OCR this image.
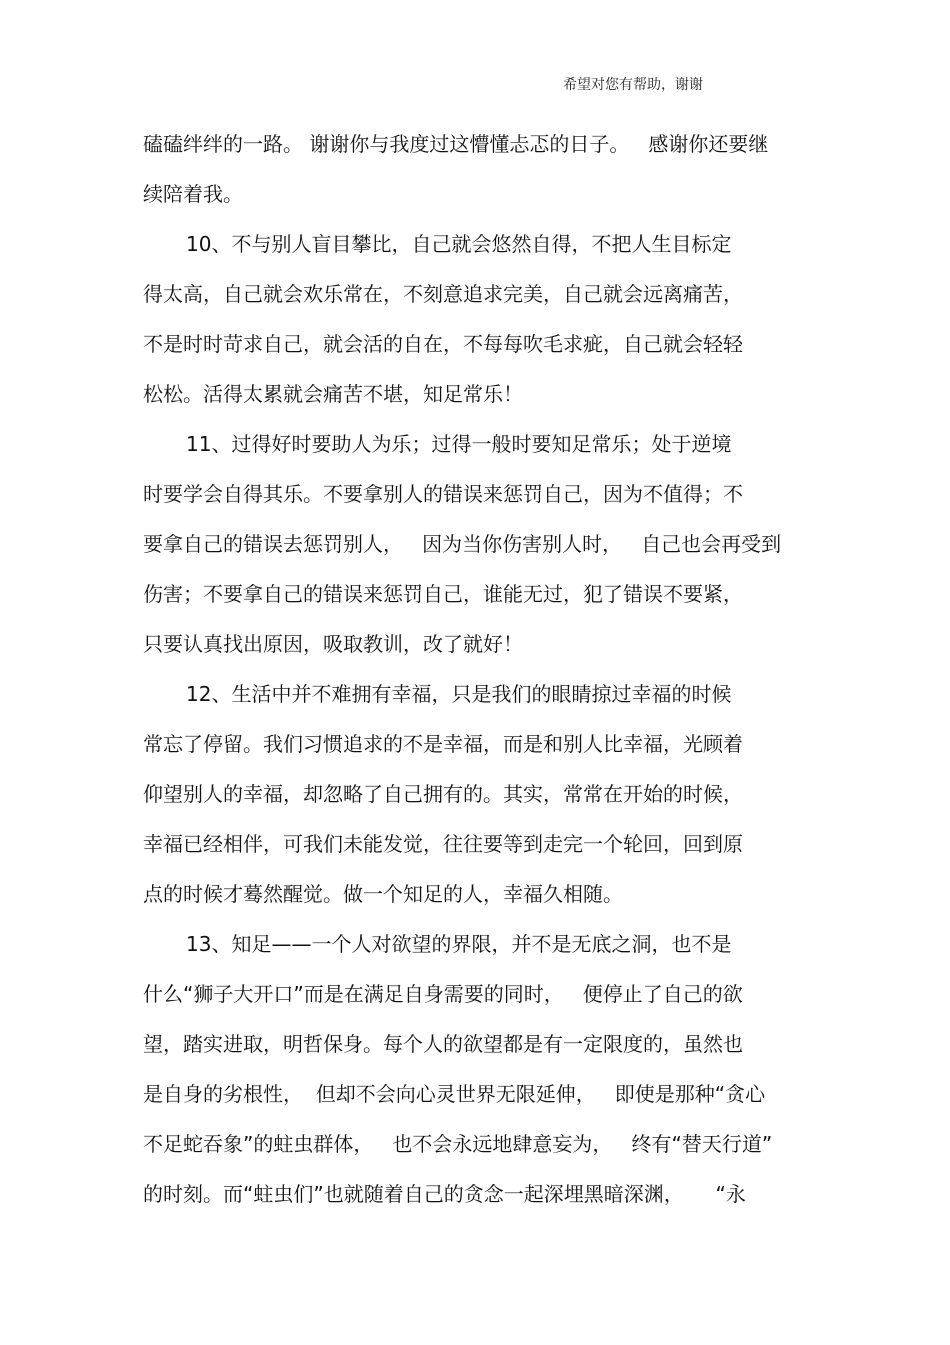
希望对您有帮助，谢谢
磕磕绊绊的一路。 谢谢你与我度过这懵懂忐忑的日子。   感谢你还要继
续陪着我。
10、不与别人盲目攀比，自己就会悠然自得，不把人生目标定
得太高，自己就会欢乐常在，不刻意追求完美，自己就会远离痛苦，
不是时时苛求自己，就会活的自在，不每每吹毛求疵，自己就会轻轻
松松。活得太累就会痛苦不堪，知足常乐！
11、过得好时要助人为乐；过得一般时要知足常乐；处于逆境
时要学会自得其乐。不要拿别人的错误来惩罚自己，因为不值得；不
要拿自己的错误去惩罚别人，   因为当你伤害别人时，   自己也会再受到
伤害；不要拿自己的错误来惩罚自己，谁能无过，犯了错误不要紧，
只要认真找出原因，吸取教训，改了就好！
12、生活中并不难拥有幸福，只是我们的眼睛掠过幸福的时候
常忘了停留。我们习惯追求的不是幸福，而是和别人比幸福，光顾着
仰望别人的幸福，却忽略了自己拥有的。其实，常常在开始的时候，
幸福已经相伴，可我们未能发觉，往往要等到走完一个轮回，回到原
点的时候才蓦然醒觉。做一个知足的人，幸福久相随。
13、知足——一个人对欲望的界限，并不是无底之洞，也不是
什么“狮子大开口”而是在满足自身需要的同时，   便停止了自己的欲
望，踏实进取，明哲保身。每个人的欲望都是有一定限度的，虽然也
是自身的劣根性，  但却不会向心灵世界无限延伸，   即使是那种“贪心
不足蛇吞象”的蛀虫群体，   也不会永远地肆意妄为，   终有“替天行道”
的时刻。而“蛀虫们”也就随着自己的贪念一起深埋黑暗深渊，     “永
